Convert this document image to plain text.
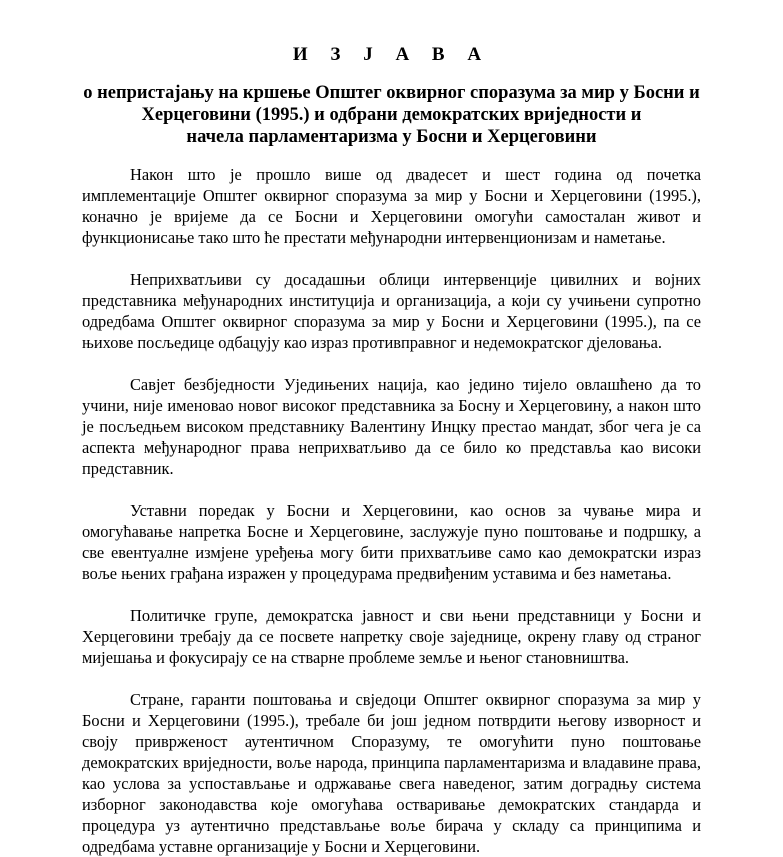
И З Ј А В А
о непристајању на кршење Општег оквирног споразума за мир у Босни и
Херцеговини (1995.) и одбрани демократских вриједности и
начела парламентаризма у Босни и Херцеговини

Након што је прошло више од двадесет и шест година од почетка имплементације Општег оквирног споразума за мир у Босни и Херцеговини (1995.), коначно је вријеме да се Босни и Херцеговини омогући самосталан живот и функционисање тако што ће престати међународни интервенционизам и наметање.

Неприхватљиви су досадашњи облици интервенције цивилних и војних представника међународних институција и организација, а који су учињени супротно одредбама Општег оквирног споразума за мир у Босни и Херцеговини (1995.), па се њихове посљедице одбацују као израз противправног и недемократског дјеловања.

Савјет безбједности Уједињених нација, као једино тијело овлашћено да то учини, није именовао новог високог представника за Босну и Херцеговину, а након што је посљедњем високом представнику Валентину Инцку престао мандат, због чега је са аспекта међународног права неприхватљиво да се било ко представља као високи представник.

Уставни поредак у Босни и Херцеговини, као основ за чување мира и омогућавање напретка Босне и Херцеговине, заслужује пуно поштовање и подршку, а све евентуалне измјене уређења могу бити прихватљиве само као демократски израз воље њених грађана изражен у процедурама предвиђеним уставима и без наметања.

Политичке групе, демократска јавност и сви њени представници у Босни и Херцеговини требају да се посвете напретку своје заједнице, окрену главу од страног мијешања и фокусирају се на стварне проблеме земље и њеног становништва.

Стране, гаранти поштовања и свједоци Општег оквирног споразума за мир у Босни и Херцеговини (1995.), требале би још једном потврдити његову изворност и своју привржeност аутентичном Споразуму, те омогућити пуно поштовање демократских вриједности, воље народа, принципа парламентаризма и владавине права, као услова за успостављање и одржавање свега наведеног, затим доградњу система изборног законодавства које омогућава остваривање демократских стандарда и процедура уз аутентично представљање воље бирача у складу са принципима и одредбама уставне организације у Босни и Херцеговини.
